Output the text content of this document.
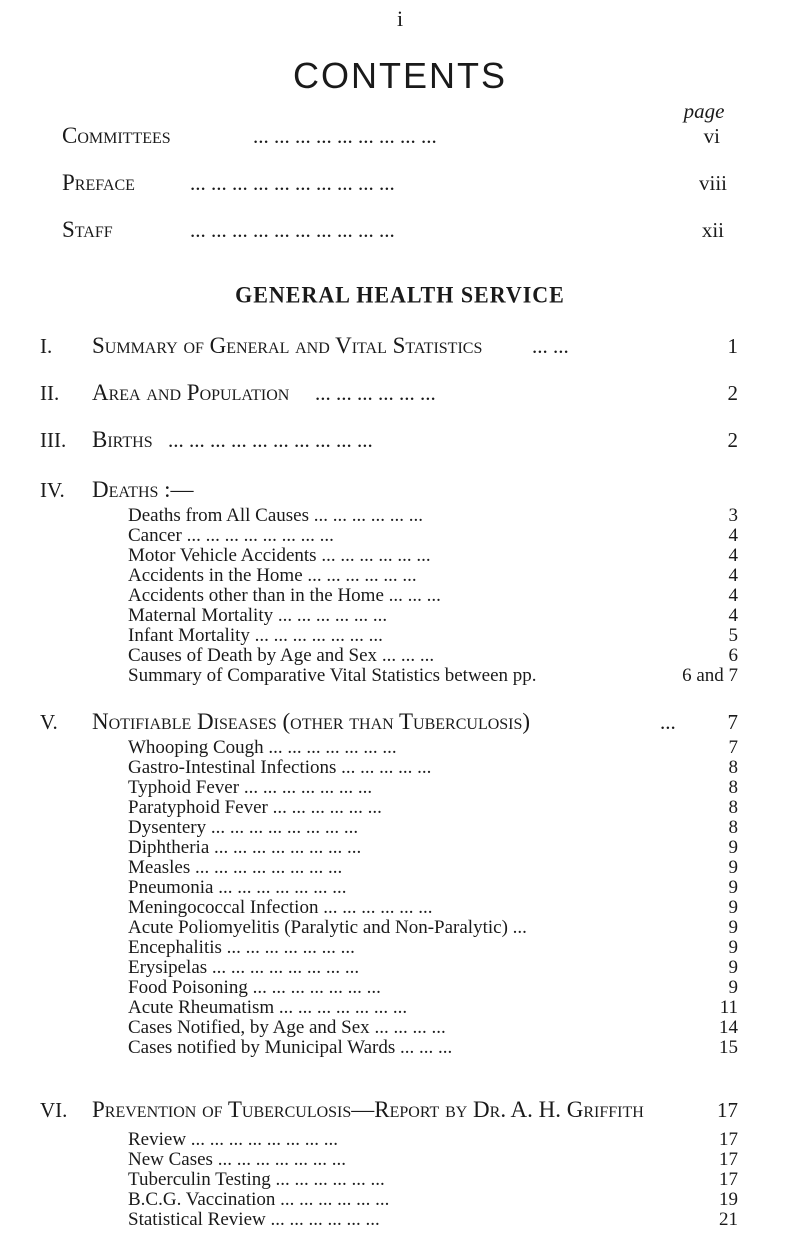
i
CONTENTS
page
Committees	... ... ... ... ... ... ... ... ...	vi
Preface	... ... ... ... ... ... ... ... ... ...	viii
Staff	... ... ... ... ... ... ... ... ... ...	xii
GENERAL HEALTH SERVICE
I. Summary of General and Vital Statistics ... ...	1
II. Area and Population ... ... ... ... ... ...	2
III. Births ... ... ... ... ... ... ... ... ... ...	2
IV. Deaths :—
Deaths from All Causes ... ... ... ... ... ...	3
Cancer ... ... ... ... ... ... ... ...	4
Motor Vehicle Accidents ... ... ... ... ... ...	4
Accidents in the Home ... ... ... ... ... ...	4
Accidents other than in the Home ... ... ...	4
Maternal Mortality ... ... ... ... ... ...	4
Infant Mortality ... ... ... ... ... ... ...	5
Causes of Death by Age and Sex ... ... ...	6
Summary of Comparative Vital Statistics between pp.	6 and 7
V. Notifiable Diseases (other than Tuberculosis)	... 7
Whooping Cough ... ... ... ... ... ... ...	7
Gastro-Intestinal Infections ... ... ... ... ...	8
Typhoid Fever ... ... ... ... ... ... ...	8
Paratyphoid Fever ... ... ... ... ... ...	8
Dysentery ... ... ... ... ... ... ... ...	8
Diphtheria ... ... ... ... ... ... ... ...	9
Measles ... ... ... ... ... ... ... ...	9
Pneumonia ... ... ... ... ... ... ...	9
Meningococcal Infection ... ... ... ... ... ...	9
Acute Poliomyelitis (Paralytic and Non-Paralytic) ...	9
Encephalitis ... ... ... ... ... ... ...	9
Erysipelas ... ... ... ... ... ... ... ...	9
Food Poisoning ... ... ... ... ... ... ...	9
Acute Rheumatism ... ... ... ... ... ... ...	11
Cases Notified, by Age and Sex ... ... ... ...	14
Cases notified by Municipal Wards ... ... ...	15
VI. Prevention of Tuberculosis—Report by Dr. A. H. Griffith	17
Review ... ... ... ... ... ... ... ...	17
New Cases ... ... ... ... ... ... ...	17
Tuberculin Testing ... ... ... ... ... ...	17
B.C.G. Vaccination ... ... ... ... ... ...	19
Statistical Review ... ... ... ... ... ...	21
